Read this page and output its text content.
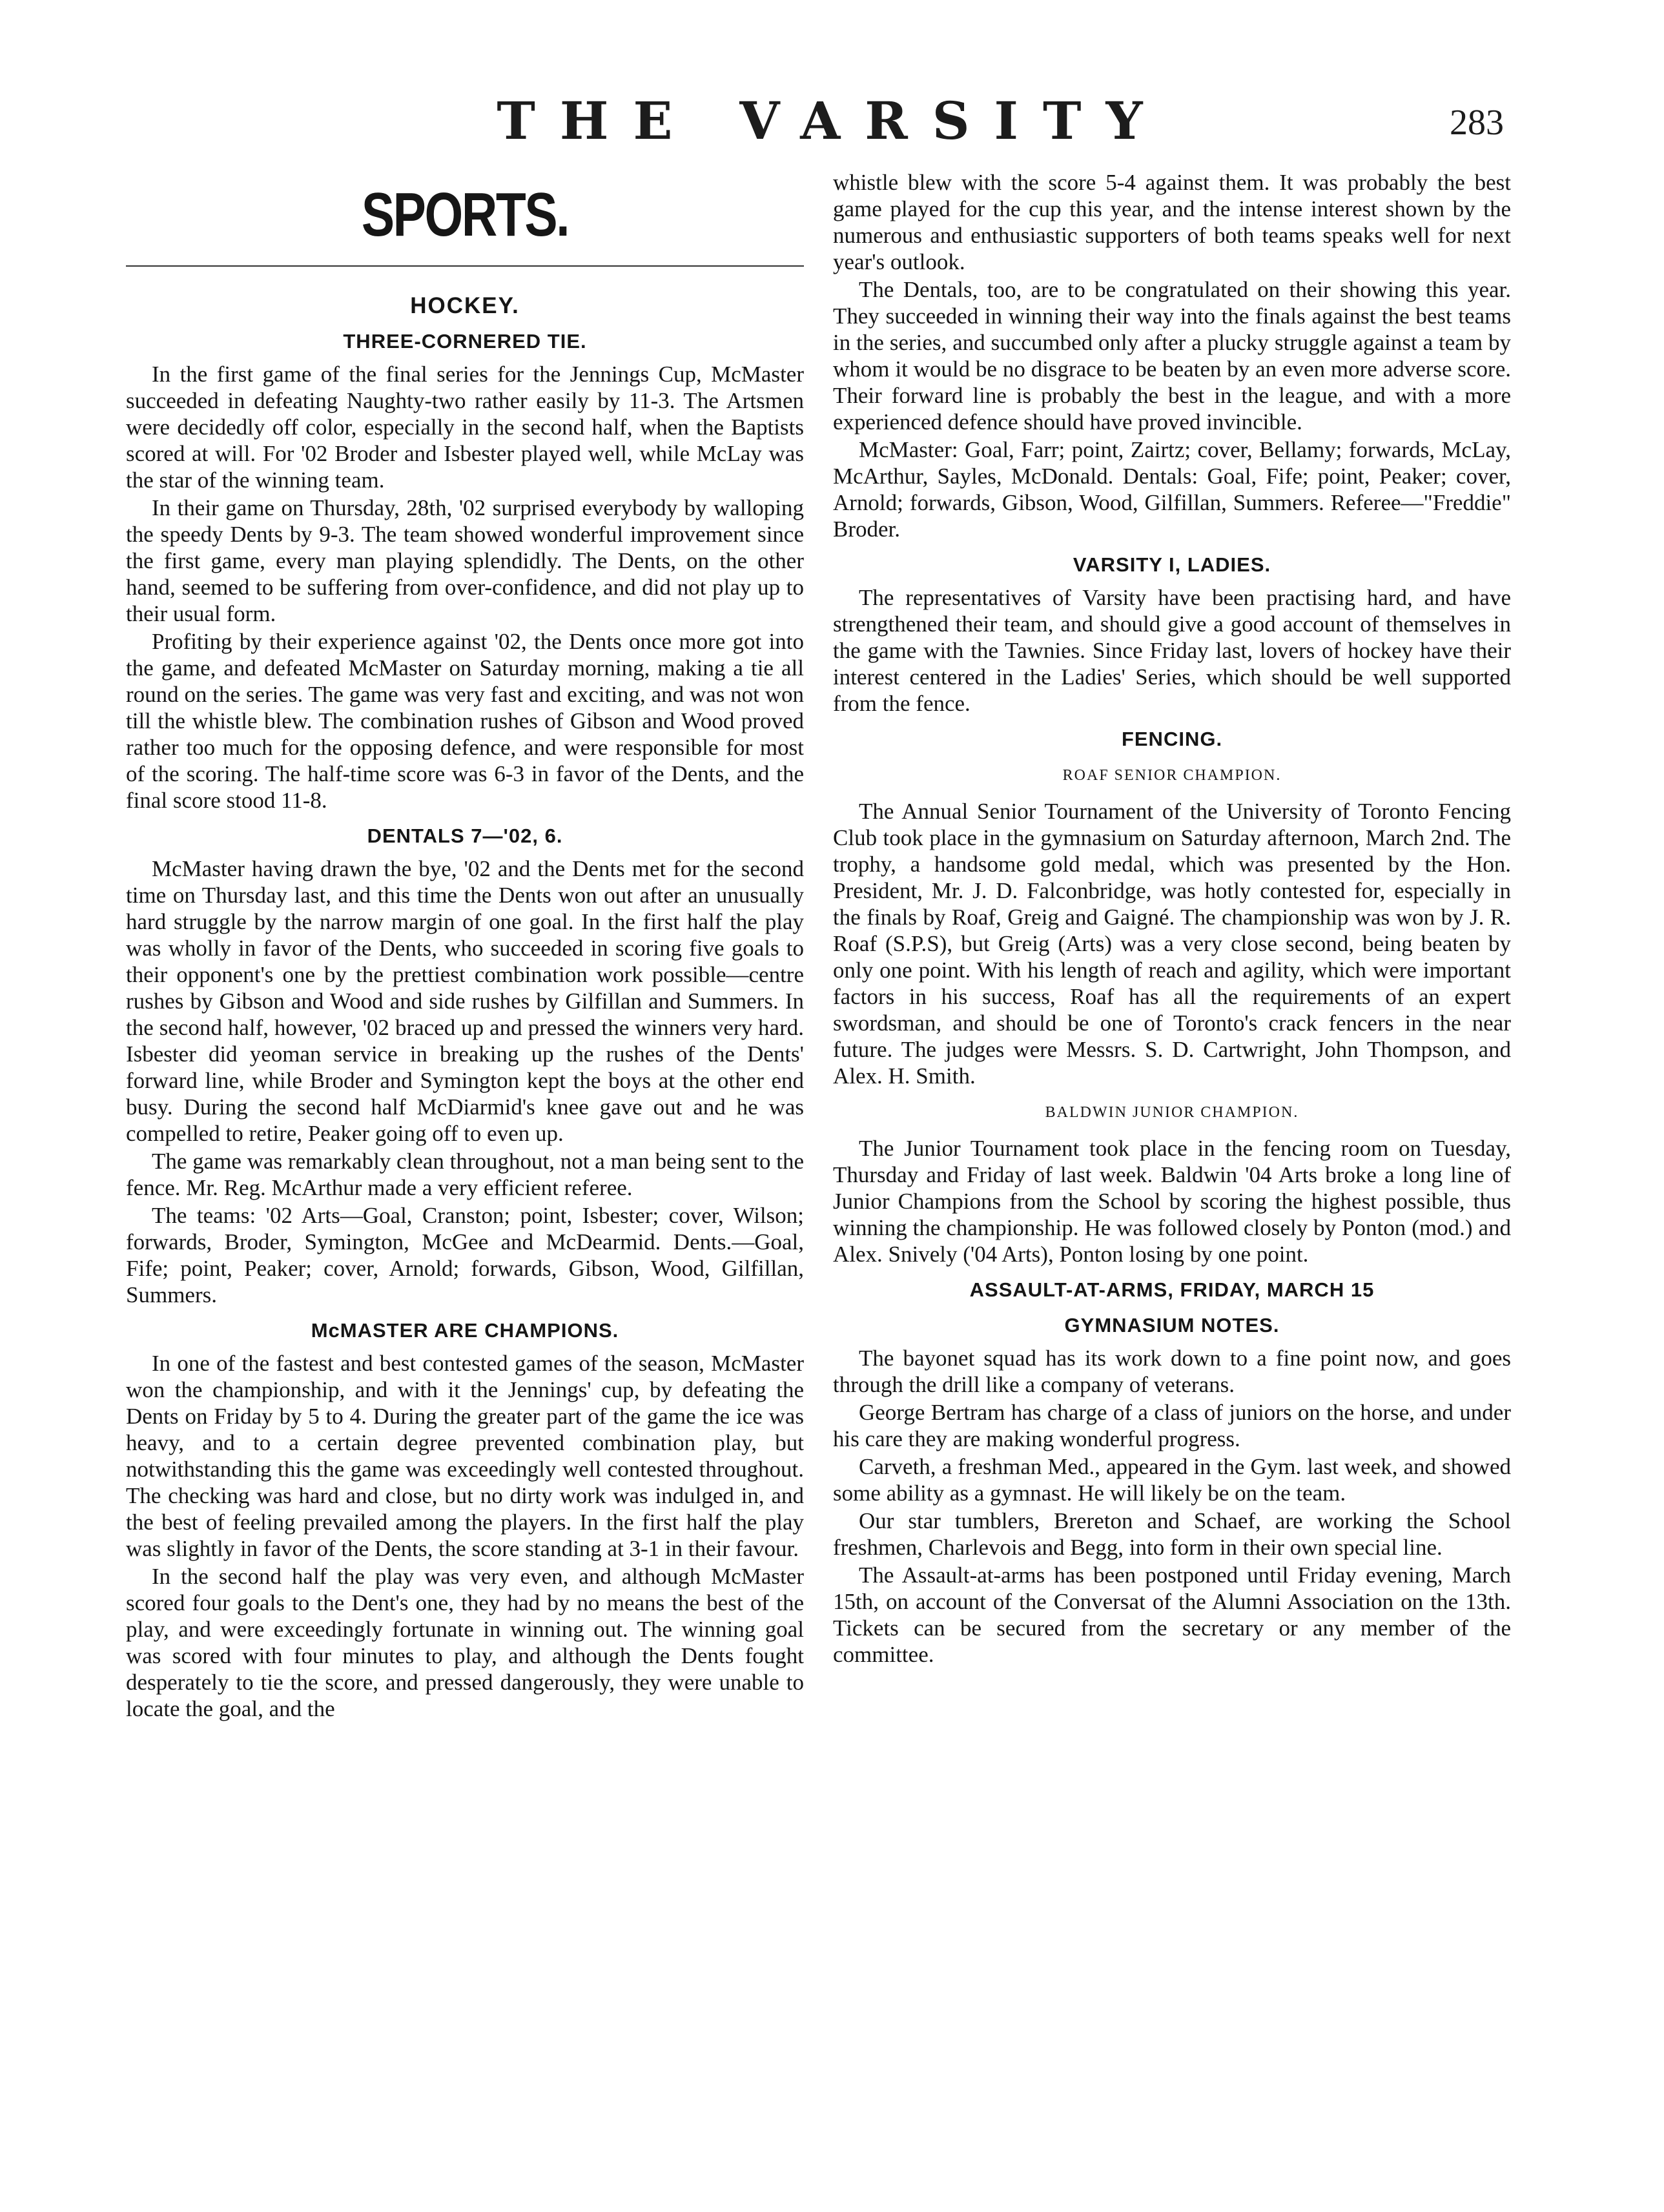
THE VARSITY	283
SPORTS.
HOCKEY.
THREE-CORNERED TIE.

In the first game of the final series for the Jennings Cup, McMaster succeeded in defeating Naughty-two rather easily by 11-3. The Artsmen were decidedly off color, especially in the second half, when the Baptists scored at will. For '02 Broder and Isbester played well, while McLay was the star of the winning team.

In their game on Thursday, 28th, '02 surprised everybody by walloping the speedy Dents by 9-3. The team showed wonderful improvement since the first game, every man playing splendidly. The Dents, on the other hand, seemed to be suffering from over-confidence, and did not play up to their usual form.

Profiting by their experience against '02, the Dents once more got into the game, and defeated McMaster on Saturday morning, making a tie all round on the series. The game was very fast and exciting, and was not won till the whistle blew. The combination rushes of Gibson and Wood proved rather too much for the opposing defence, and were responsible for most of the scoring. The half-time score was 6-3 in favor of the Dents, and the final score stood 11-8.

DENTALS 7—'02, 6.

McMaster having drawn the bye, '02 and the Dents met for the second time on Thursday last, and this time the Dents won out after an unusually hard struggle by the narrow margin of one goal. In the first half the play was wholly in favor of the Dents, who succeeded in scoring five goals to their opponent's one by the prettiest combination work possible—centre rushes by Gibson and Wood and side rushes by Gilfillan and Summers. In the second half, however, '02 braced up and pressed the winners very hard. Isbester did yeoman service in breaking up the rushes of the Dents' forward line, while Broder and Symington kept the boys at the other end busy. During the second half McDiarmid's knee gave out and he was compelled to retire, Peaker going off to even up.

The game was remarkably clean throughout, not a man being sent to the fence. Mr. Reg. McArthur made a very efficient referee.

The teams: '02 Arts—Goal, Cranston; point, Isbester; cover, Wilson; forwards, Broder, Symington, McGee and McDearmid. Dents.—Goal, Fife; point, Peaker; cover, Arnold; forwards, Gibson, Wood, Gilfillan, Summers.

McMASTER ARE CHAMPIONS.

In one of the fastest and best contested games of the season, McMaster won the championship, and with it the Jennings' cup, by defeating the Dents on Friday by 5 to 4. During the greater part of the game the ice was heavy, and to a certain degree prevented combination play, but notwithstanding this the game was exceedingly well contested throughout. The checking was hard and close, but no dirty work was indulged in, and the best of feeling prevailed among the players. In the first half the play was slightly in favor of the Dents, the score standing at 3-1 in their favour.

In the second half the play was very even, and although McMaster scored four goals to the Dent's one, they had by no means the best of the play, and were exceedingly fortunate in winning out. The winning goal was scored with four minutes to play, and although the Dents fought desperately to tie the score, and pressed dangerously, they were unable to locate the goal, and the

whistle blew with the score 5-4 against them. It was probably the best game played for the cup this year, and the intense interest shown by the numerous and enthusiastic supporters of both teams speaks well for next year's outlook.

The Dentals, too, are to be congratulated on their showing this year. They succeeded in winning their way into the finals against the best teams in the series, and succumbed only after a plucky struggle against a team by whom it would be no disgrace to be beaten by an even more adverse score. Their forward line is probably the best in the league, and with a more experienced defence should have proved invincible.

McMaster: Goal, Farr; point, Zairtz; cover, Bellamy; forwards, McLay, McArthur, Sayles, McDonald. Dentals: Goal, Fife; point, Peaker; cover, Arnold; forwards, Gibson, Wood, Gilfillan, Summers. Referee—"Freddie" Broder.

VARSITY I, LADIES.

The representatives of Varsity have been practising hard, and have strengthened their team, and should give a good account of themselves in the game with the Tawnies. Since Friday last, lovers of hockey have their interest centered in the Ladies' Series, which should be well supported from the fence.

FENCING.
ROAF SENIOR CHAMPION.

The Annual Senior Tournament of the University of Toronto Fencing Club took place in the gymnasium on Saturday afternoon, March 2nd. The trophy, a handsome gold medal, which was presented by the Hon. President, Mr. J. D. Falconbridge, was hotly contested for, especially in the finals by Roaf, Greig and Gaigné. The championship was won by J. R. Roaf (S.P.S), but Greig (Arts) was a very close second, being beaten by only one point. With his length of reach and agility, which were important factors in his success, Roaf has all the requirements of an expert swordsman, and should be one of Toronto's crack fencers in the near future. The judges were Messrs. S. D. Cartwright, John Thompson, and Alex. H. Smith.

BALDWIN JUNIOR CHAMPION.

The Junior Tournament took place in the fencing room on Tuesday, Thursday and Friday of last week. Baldwin '04 Arts broke a long line of Junior Champions from the School by scoring the highest possible, thus winning the championship. He was followed closely by Ponton (mod.) and Alex. Snively ('04 Arts), Ponton losing by one point.

ASSAULT-AT-ARMS, FRIDAY, MARCH 15
GYMNASIUM NOTES.

The bayonet squad has its work down to a fine point now, and goes through the drill like a company of veterans.

George Bertram has charge of a class of juniors on the horse, and under his care they are making wonderful progress.

Carveth, a freshman Med., appeared in the Gym. last week, and showed some ability as a gymnast. He will likely be on the team.

Our star tumblers, Brereton and Schaef, are working the School freshmen, Charlevois and Begg, into form in their own special line.

The Assault-at-arms has been postponed until Friday evening, March 15th, on account of the Conversat of the Alumni Association on the 13th. Tickets can be secured from the secretary or any member of the committee.
